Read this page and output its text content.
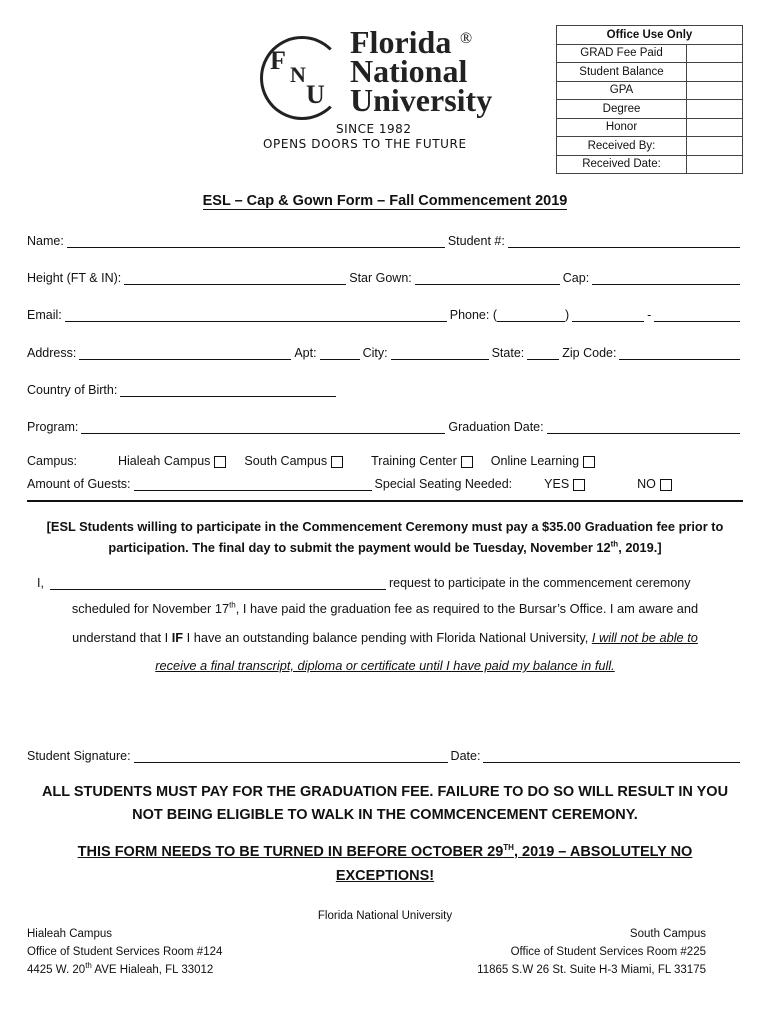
F N
U
Florida
National
University
®
SINCE 1982
OPENS DOORS TO THE FUTURE
Office Use Only	
GRAD Fee Paid	
Student Balance	
GPA	
Degree	
Honor	
Received By:	
Received Date:	
ESL – Cap & Gown Form – Fall Commencement 2019
Name:	Student #:
Height (FT & IN):	Star Gown:	Cap:
Email:	Phone: (	)	-
Address:	Apt:	City:	State:	Zip Code:
Country of Birth:
Program:	Graduation Date:
Campus:	Hialeah Campus	South Campus	Training Center	Online Learning
Amount of Guests:	Special Seating Needed:	YES	NO
[ESL Students willing to participate in the Commencement Ceremony must pay a $35.00 Graduation fee prior to
participation. The final day to submit the payment would be Tuesday, November 12th, 2019.]
I,	request to participate in the commencement ceremony
scheduled for November 17th, I have paid the graduation fee as required to the Bursar’s Office. I am aware and
understand that I IF I have an outstanding balance pending with Florida National University, I will not be able to
receive a final transcript, diploma or certificate until I have paid my balance in full.
Student Signature:	Date:
ALL STUDENTS MUST PAY FOR THE GRADUATION FEE. FAILURE TO DO SO WILL RESULT IN YOU
NOT BEING ELIGIBLE TO WALK IN THE COMMCENCEMENT CEREMONY.
THIS FORM NEEDS TO BE TURNED IN BEFORE OCTOBER 29TH, 2019 – ABSOLUTELY NO
EXCEPTIONS!
Florida National University
Hialeah Campus
Office of Student Services Room #124
4425 W. 20th AVE Hialeah, FL 33012
South Campus
Office of Student Services Room #225
11865 S.W 26 St. Suite H-3 Miami, FL 33175
